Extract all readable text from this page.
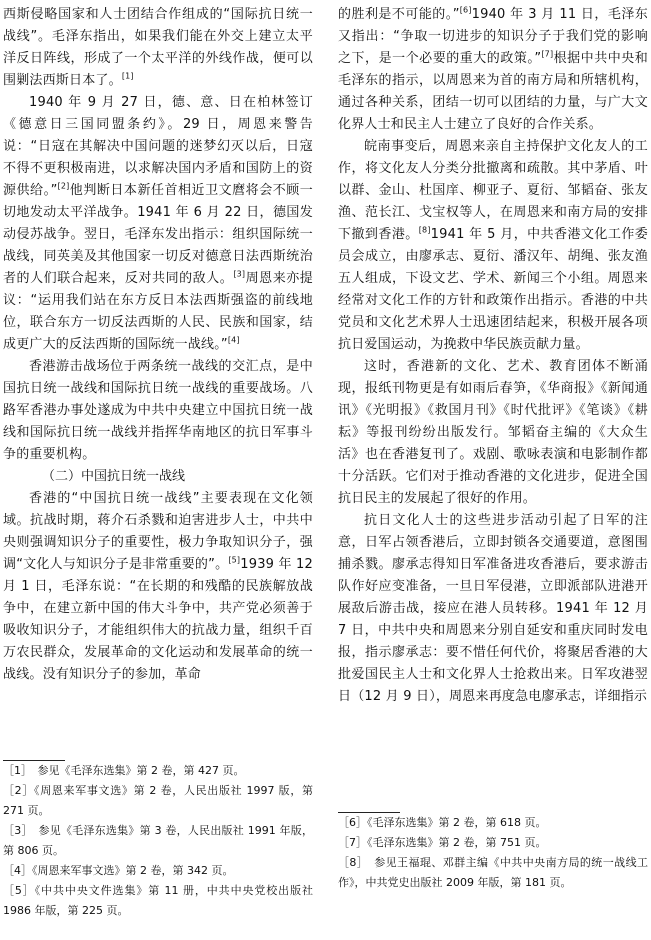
西斯侵略国家和人士团结合作组成的“国际抗日统一战线”。毛泽东指出，如果我们能在外交上建立太平洋反日阵线，形成了一个太平洋的外线作战，便可以围剿法西斯日本了。[1]

1940 年 9 月 27 日，德、意、日在柏林签订《德意日三国同盟条约》。29 日，周恩来警告说：“日寇在其解决中国问题的迷梦幻灭以后，日寇不得不更积极南进，以求解决国内矛盾和国防上的资源供给。”[2]他判断日本新任首相近卫文麿将会不顾一切地发动太平洋战争。1941 年 6 月 22 日，德国发动侵苏战争。翌日，毛泽东发出指示：组织国际统一战线，同英美及其他国家一切反对德意日法西斯统治者的人们联合起来，反对共同的敌人。[3]周恩来亦提议：“运用我们站在东方反日本法西斯强盗的前线地位，联合东方一切反法西斯的人民、民族和国家，结成更广大的反法西斯的国际统一战线。”[4]

香港游击战场位于两条统一战线的交汇点，是中国抗日统一战线和国际抗日统一战线的重要战场。八路军香港办事处遂成为中共中央建立中国抗日统一战线和国际抗日统一战线并指挥华南地区的抗日军事斗争的重要机构。

（二）中国抗日统一战线

香港的“中国抗日统一战线”主要表现在文化领域。抗战时期，蒋介石杀戮和迫害进步人士，中共中央则强调知识分子的重要性，极力争取知识分子，强调“文化人与知识分子是非常重要的”。[5]1939 年 12 月 1 日，毛泽东说：“在长期的和残酷的民族解放战争中，在建立新中国的伟大斗争中，共产党必须善于吸收知识分子，才能组织伟大的抗战力量，组织千百万农民群众，发展革命的文化运动和发展革命的统一战线。没有知识分子的参加，革命

的胜利是不可能的。”[6]1940 年 3 月 11 日，毛泽东又指出：“争取一切进步的知识分子于我们党的影响之下，是一个必要的重大的政策。”[7]根据中共中央和毛泽东的指示，以周恩来为首的南方局和所辖机构，通过各种关系，团结一切可以团结的力量，与广大文化界人士和民主人士建立了良好的合作关系。

皖南事变后，周恩来亲自主持保护文化友人的工作，将文化友人分类分批撤离和疏散。其中茅盾、叶以群、金山、杜国庠、柳亚子、夏衍、邹韬奋、张友渔、范长江、戈宝权等人，在周恩来和南方局的安排下撤到香港。[8]1941 年 5 月，中共香港文化工作委员会成立，由廖承志、夏衍、潘汉年、胡绳、张友渔五人组成，下设文艺、学术、新闻三个小组。周恩来经常对文化工作的方针和政策作出指示。香港的中共党员和文化艺术界人士迅速团结起来，积极开展各项抗日爱国运动，为挽救中华民族贡献力量。

这时，香港新的文化、艺术、教育团体不断涌现，报纸刊物更是有如雨后春笋，《华商报》《新闻通讯》《光明报》《救国月刊》《时代批评》《笔谈》《耕耘》等报刊纷纷出版发行。邹韬奋主编的《大众生活》也在香港复刊了。戏剧、歌咏表演和电影制作都十分活跃。它们对于推动香港的文化进步，促进全国抗日民主的发展起了很好的作用。

抗日文化人士的这些进步活动引起了日军的注意，日军占领香港后，立即封锁各交通要道，意图围捕杀戮。廖承志得知日军准备进攻香港后，要求游击队作好应变准备，一旦日军侵港，立即派部队进港开展敌后游击战，接应在港人员转移。1941 年 12 月 7 日，中共中央和周恩来分别自延安和重庆同时发电报，指示廖承志：要不惜任何代价，将聚居香港的大批爱国民主人士和文化界人士抢救出来。日军攻港翌日（12 月 9 日），周恩来再度急电廖承志，详细指示

［1］　参见《毛泽东选集》第 2 卷，第 427 页。

［2］《周恩来军事文选》第 2 卷，人民出版社 1997 版，第 271 页。

［3］　参见《毛泽东选集》第 3 卷，人民出版社 1991 年版，第 806 页。

［4］《周恩来军事文选》第 2 卷，第 342 页。

［5］《中共中央文件选集》第 11 册，中共中央党校出版社 1986 年版，第 225 页。

［6］《毛泽东选集》第 2 卷，第 618 页。

［7］《毛泽东选集》第 2 卷，第 751 页。

［8］　参见王福琨、邓群主编《中共中央南方局的统一战线工作》，中共党史出版社 2009 年版，第 181 页。
